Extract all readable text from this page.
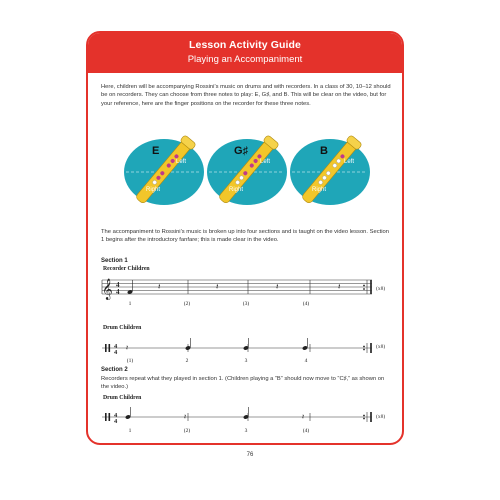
Lesson Activity Guide
Playing an Accompaniment
Here, children will be accompanying Rossini’s music on drums and with recorders. In a class of 30, 10–12 should be on recorders. They can choose from three notes to play: E, G♯, and B. This will be clear on the video, but for your reference, here are the finger positions on the recorder for these three notes.
E
Left
Right
G♯
Left
Right
B
Left
Right
The accompaniment to Rossini’s music is broken up into four sections and is taught on the video lesson. Section 1 begins after the introductory fanfare; this is made clear in the video.
Section 1
Recorder Children
𝄞 4
4
𝄽	𝄽	𝄽	𝄽
1	(2)	(3)	(4)
(x8)
Drum Children
4
4
𝄽
(1)	2	3	4
(x8)
Section 2
Recorders repeat what they played in section 1. (Children playing a “B” should now move to “C♯,” as shown on the video.)
Drum Children
4
4
𝄽	𝄽
1	(2)	3	(4)
(x8)
76
